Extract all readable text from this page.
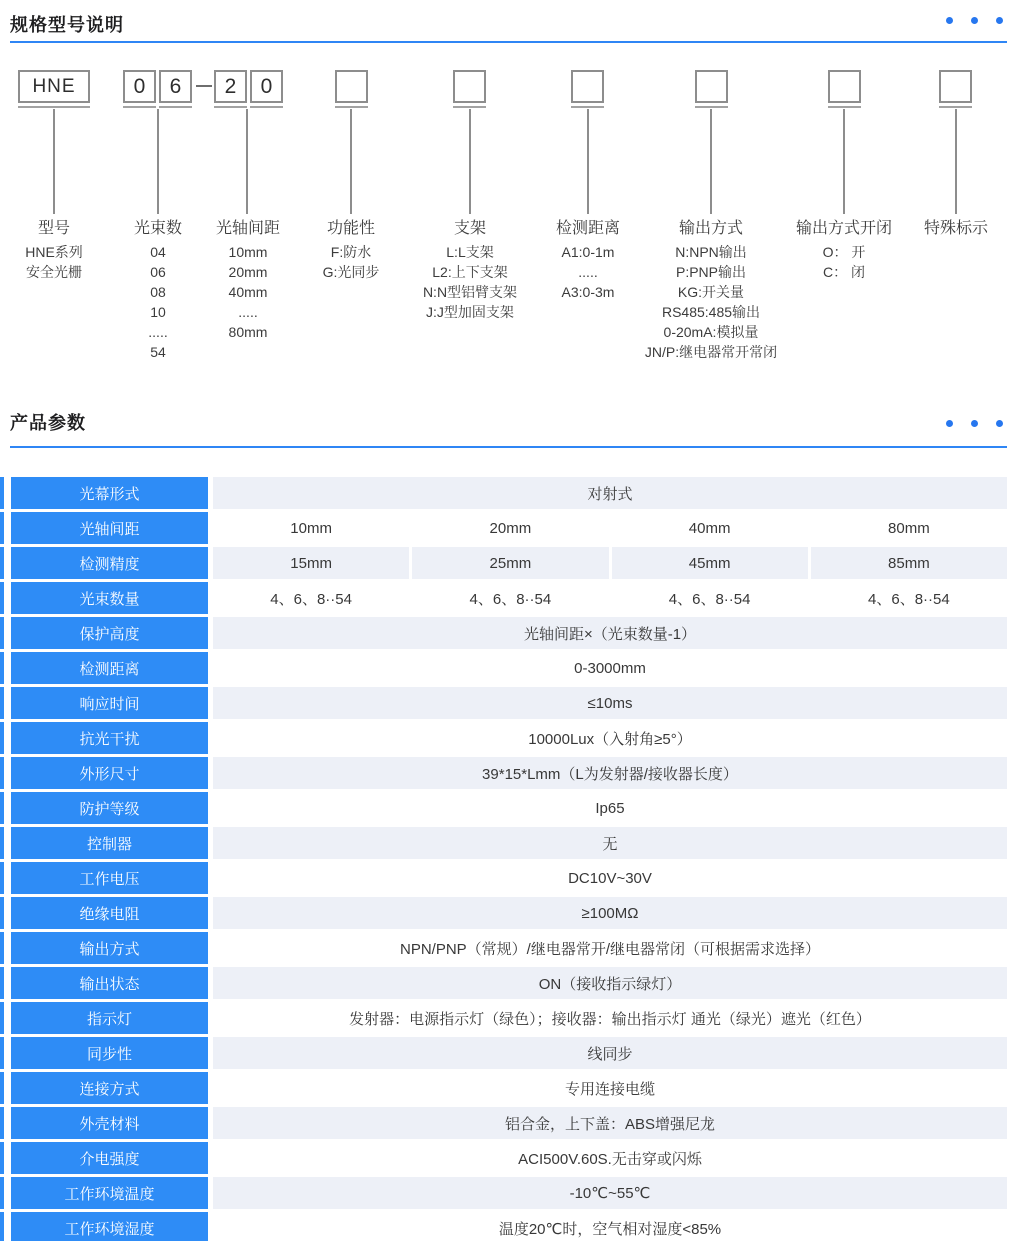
规格型号说明
HNE	0	6	2	0
型号
HNE系列
安全光栅
光束数
04
06
08
10
.....
54
光轴间距
10mm
20mm
40mm
.....
80mm
功能性
F:防水
G:光同步
支架
L:L支架
L2:上下支架
N:N型铝臂支架
J:J型加固支架
检测距离
A1:0-1m
.....
A3:0-3m
输出方式
N:NPN输出
P:PNP输出
KG:开关量
RS485:485输出
0-20mA:模拟量
JN/P:继电器常开常闭
输出方式开闭
O： 开
C： 闭
特殊标示
产品参数
光幕形式	对射式
光轴间距	10mm	20mm	40mm	80mm
检测精度	15mm	25mm	45mm	85mm
光束数量	4、6、8··54	4、6、8··54	4、6、8··54	4、6、8··54
保护高度	光轴间距×（光束数量-1）
检测距离	0-3000mm
响应时间	≤10ms
抗光干扰	10000Lux（入射角≥5°）
外形尺寸	39*15*Lmm（L为发射器/接收器长度）
防护等级	Ip65
控制器	无
工作电压	DC10V~30V
绝缘电阻	≥100MΩ
输出方式	NPN/PNP（常规）/继电器常开/继电器常闭（可根据需求选择）
输出状态	ON（接收指示绿灯）
指示灯	发射器：电源指示灯（绿色）；接收器：输出指示灯 通光（绿光）遮光（红色）
同步性	线同步
连接方式	专用连接电缆
外壳材料	铝合金，上下盖：ABS增强尼龙
介电强度	ACI500V.60S.无击穿或闪烁
工作环境温度	-10℃~55℃
工作环境湿度	温度20℃时，空气相对湿度<85%
